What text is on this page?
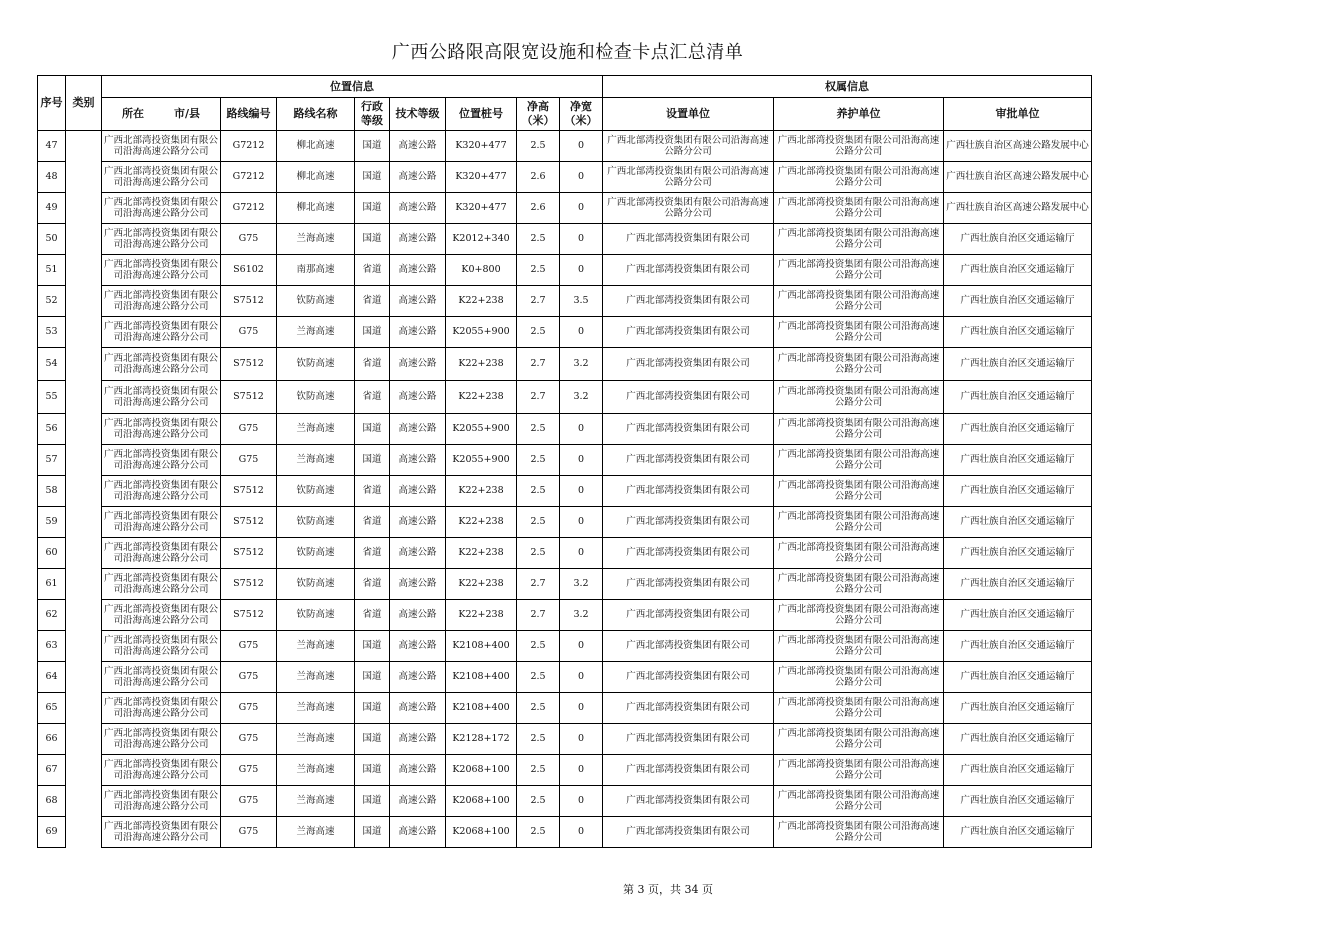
广西公路限高限宽设施和检查卡点汇总清单
序号	类别	位置信息								权属信息		
		所在 市/县	路线编号	路线名称	行政等级	技术等级	位置桩号	净高（米）	净宽（米）	设置单位	养护单位	审批单位
47		广西北部湾投资集团有限公司沿海高速公路分公司	G7212	柳北高速	国道	高速公路	K320+477	2.5	0	广西北部湾投资集团有限公司沿海高速公路分公司	广西北部湾投资集团有限公司沿海高速公路分公司	广西壮族自治区高速公路发展中心
48		广西北部湾投资集团有限公司沿海高速公路分公司	G7212	柳北高速	国道	高速公路	K320+477	2.6	0	广西北部湾投资集团有限公司沿海高速公路分公司	广西北部湾投资集团有限公司沿海高速公路分公司	广西壮族自治区高速公路发展中心
49		广西北部湾投资集团有限公司沿海高速公路分公司	G7212	柳北高速	国道	高速公路	K320+477	2.6	0	广西北部湾投资集团有限公司沿海高速公路分公司	广西北部湾投资集团有限公司沿海高速公路分公司	广西壮族自治区高速公路发展中心
50		广西北部湾投资集团有限公司沿海高速公路分公司	G75	兰海高速	国道	高速公路	K2012+340	2.5	0	广西北部湾投资集团有限公司	广西北部湾投资集团有限公司沿海高速公路分公司	广西壮族自治区交通运输厅
51		广西北部湾投资集团有限公司沿海高速公路分公司	S6102	南那高速	省道	高速公路	K0+800	2.5	0	广西北部湾投资集团有限公司	广西北部湾投资集团有限公司沿海高速公路分公司	广西壮族自治区交通运输厅
52		广西北部湾投资集团有限公司沿海高速公路分公司	S7512	钦防高速	省道	高速公路	K22+238	2.7	3.5	广西北部湾投资集团有限公司	广西北部湾投资集团有限公司沿海高速公路分公司	广西壮族自治区交通运输厅
53		广西北部湾投资集团有限公司沿海高速公路分公司	G75	兰海高速	国道	高速公路	K2055+900	2.5	0	广西北部湾投资集团有限公司	广西北部湾投资集团有限公司沿海高速公路分公司	广西壮族自治区交通运输厅
54		广西北部湾投资集团有限公司沿海高速公路分公司	S7512	钦防高速	省道	高速公路	K22+238	2.7	3.2	广西北部湾投资集团有限公司	广西北部湾投资集团有限公司沿海高速公路分公司	广西壮族自治区交通运输厅
55		广西北部湾投资集团有限公司沿海高速公路分公司	S7512	钦防高速	省道	高速公路	K22+238	2.7	3.2	广西北部湾投资集团有限公司	广西北部湾投资集团有限公司沿海高速公路分公司	广西壮族自治区交通运输厅
56		广西北部湾投资集团有限公司沿海高速公路分公司	G75	兰海高速	国道	高速公路	K2055+900	2.5	0	广西北部湾投资集团有限公司	广西北部湾投资集团有限公司沿海高速公路分公司	广西壮族自治区交通运输厅
57		广西北部湾投资集团有限公司沿海高速公路分公司	G75	兰海高速	国道	高速公路	K2055+900	2.5	0	广西北部湾投资集团有限公司	广西北部湾投资集团有限公司沿海高速公路分公司	广西壮族自治区交通运输厅
58		广西北部湾投资集团有限公司沿海高速公路分公司	S7512	钦防高速	省道	高速公路	K22+238	2.5	0	广西北部湾投资集团有限公司	广西北部湾投资集团有限公司沿海高速公路分公司	广西壮族自治区交通运输厅
59		广西北部湾投资集团有限公司沿海高速公路分公司	S7512	钦防高速	省道	高速公路	K22+238	2.5	0	广西北部湾投资集团有限公司	广西北部湾投资集团有限公司沿海高速公路分公司	广西壮族自治区交通运输厅
60		广西北部湾投资集团有限公司沿海高速公路分公司	S7512	钦防高速	省道	高速公路	K22+238	2.5	0	广西北部湾投资集团有限公司	广西北部湾投资集团有限公司沿海高速公路分公司	广西壮族自治区交通运输厅
61		广西北部湾投资集团有限公司沿海高速公路分公司	S7512	钦防高速	省道	高速公路	K22+238	2.7	3.2	广西北部湾投资集团有限公司	广西北部湾投资集团有限公司沿海高速公路分公司	广西壮族自治区交通运输厅
62		广西北部湾投资集团有限公司沿海高速公路分公司	S7512	钦防高速	省道	高速公路	K22+238	2.7	3.2	广西北部湾投资集团有限公司	广西北部湾投资集团有限公司沿海高速公路分公司	广西壮族自治区交通运输厅
63		广西北部湾投资集团有限公司沿海高速公路分公司	G75	兰海高速	国道	高速公路	K2108+400	2.5	0	广西北部湾投资集团有限公司	广西北部湾投资集团有限公司沿海高速公路分公司	广西壮族自治区交通运输厅
64		广西北部湾投资集团有限公司沿海高速公路分公司	G75	兰海高速	国道	高速公路	K2108+400	2.5	0	广西北部湾投资集团有限公司	广西北部湾投资集团有限公司沿海高速公路分公司	广西壮族自治区交通运输厅
65		广西北部湾投资集团有限公司沿海高速公路分公司	G75	兰海高速	国道	高速公路	K2108+400	2.5	0	广西北部湾投资集团有限公司	广西北部湾投资集团有限公司沿海高速公路分公司	广西壮族自治区交通运输厅
66		广西北部湾投资集团有限公司沿海高速公路分公司	G75	兰海高速	国道	高速公路	K2128+172	2.5	0	广西北部湾投资集团有限公司	广西北部湾投资集团有限公司沿海高速公路分公司	广西壮族自治区交通运输厅
67		广西北部湾投资集团有限公司沿海高速公路分公司	G75	兰海高速	国道	高速公路	K2068+100	2.5	0	广西北部湾投资集团有限公司	广西北部湾投资集团有限公司沿海高速公路分公司	广西壮族自治区交通运输厅
68		广西北部湾投资集团有限公司沿海高速公路分公司	G75	兰海高速	国道	高速公路	K2068+100	2.5	0	广西北部湾投资集团有限公司	广西北部湾投资集团有限公司沿海高速公路分公司	广西壮族自治区交通运输厅
69		广西北部湾投资集团有限公司沿海高速公路分公司	G75	兰海高速	国道	高速公路	K2068+100	2.5	0	广西北部湾投资集团有限公司	广西北部湾投资集团有限公司沿海高速公路分公司	广西壮族自治区交通运输厅
第 3 页，共 34 页
